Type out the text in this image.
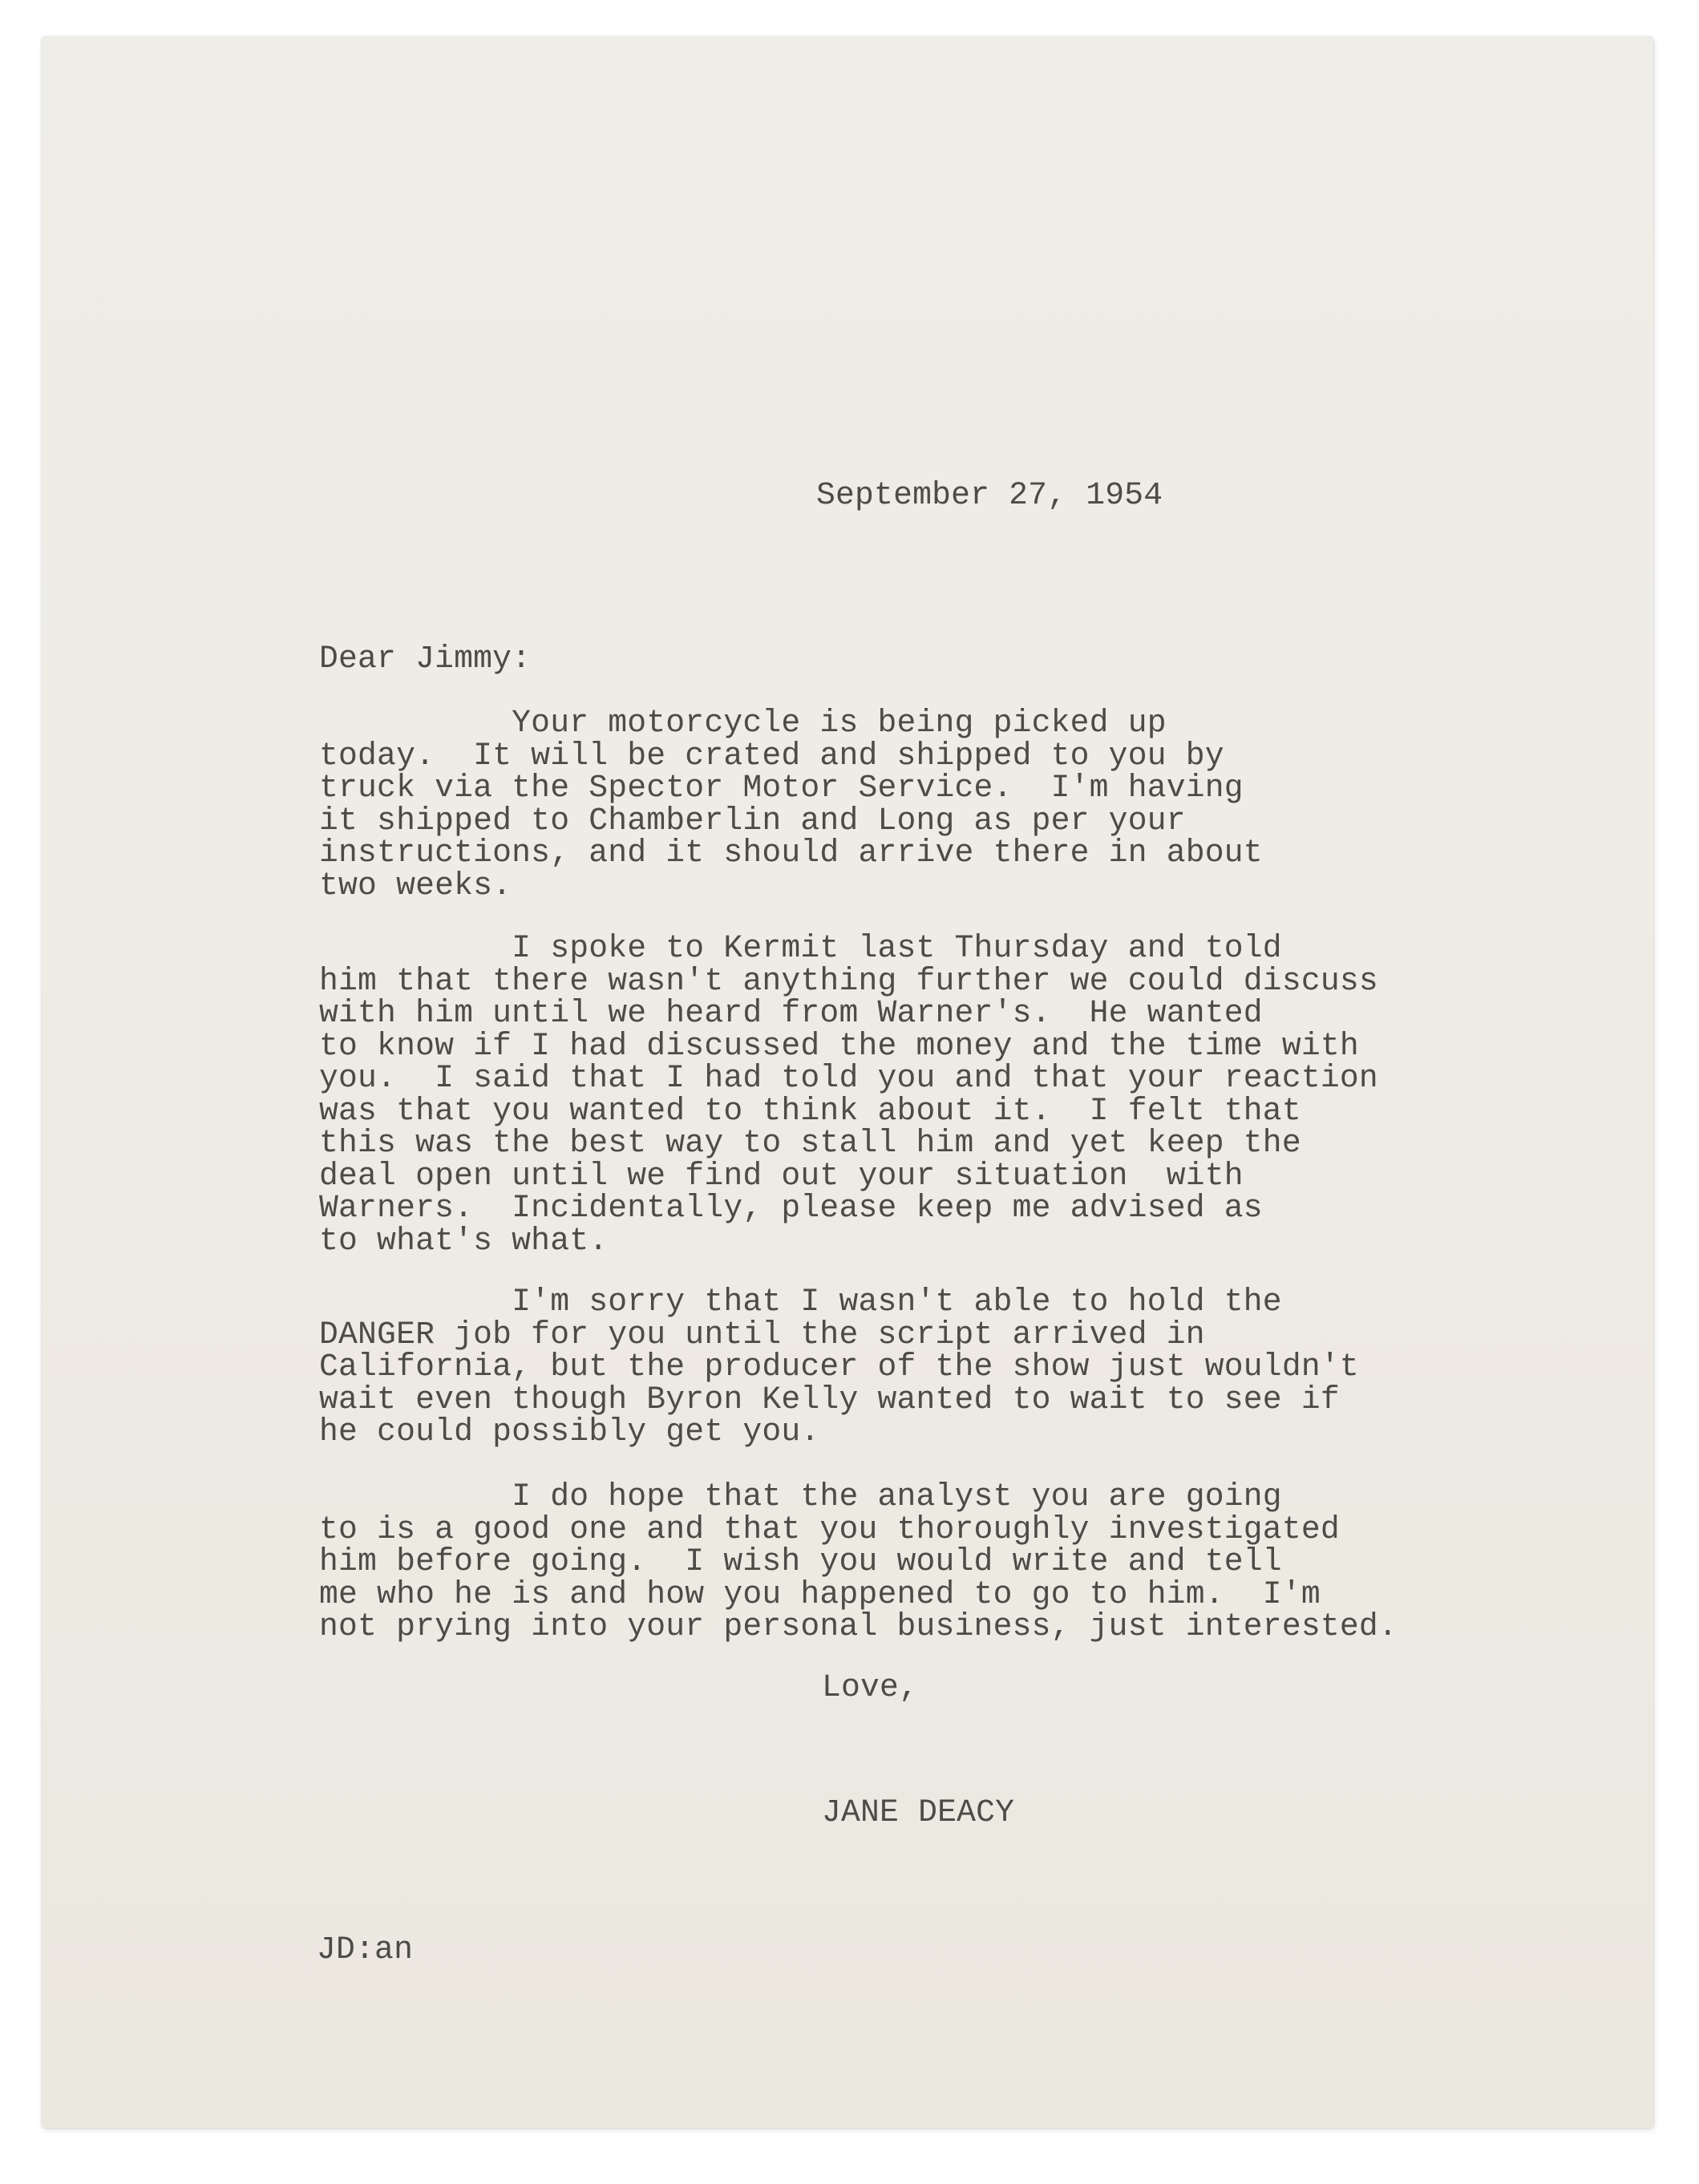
September 27, 1954

Dear Jimmy:

Your motorcycle is being picked up
today.  It will be crated and shipped to you by
truck via the Spector Motor Service.  I'm having
it shipped to Chamberlin and Long as per your
instructions, and it should arrive there in about
two weeks.

I spoke to Kermit last Thursday and told
him that there wasn't anything further we could discuss
with him until we heard from Warner's.  He wanted
to know if I had discussed the money and the time with
you.  I said that I had told you and that your reaction
was that you wanted to think about it.  I felt that
this was the best way to stall him and yet keep the
deal open until we find out your situation  with
Warners.  Incidentally, please keep me advised as
to what's what.

I'm sorry that I wasn't able to hold the
DANGER job for you until the script arrived in
California, but the producer of the show just wouldn't
wait even though Byron Kelly wanted to wait to see if
he could possibly get you.

I do hope that the analyst you are going
to is a good one and that you thoroughly investigated
him before going.  I wish you would write and tell
me who he is and how you happened to go to him.  I'm
not prying into your personal business, just interested.

Love,

JANE DEACY

JD:an
